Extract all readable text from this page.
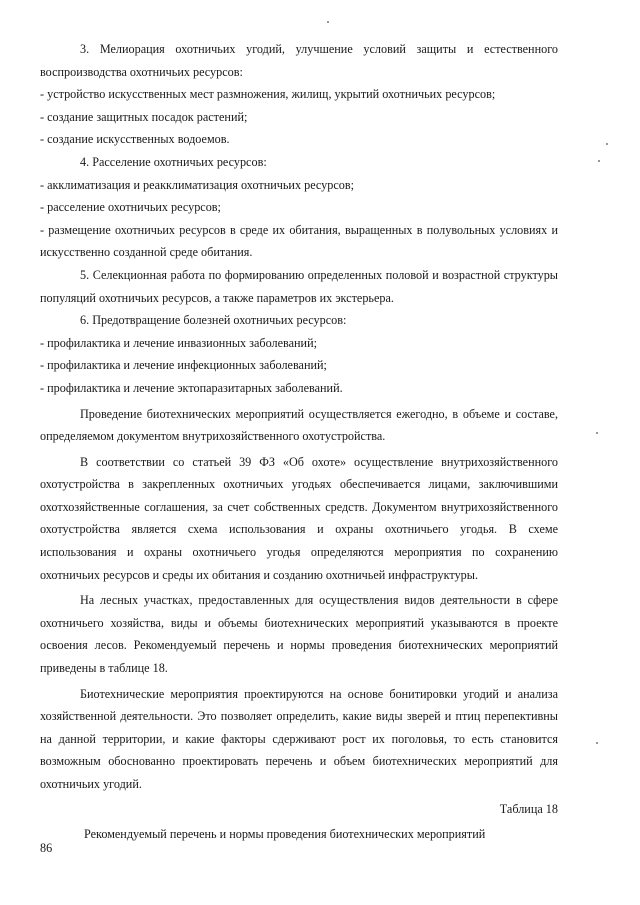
3. Мелиорация охотничьих угодий, улучшение условий защиты и естественного воспроизводства охотничьих ресурсов:

- устройство искусственных мест размножения, жилищ, укрытий охотничьих ресурсов;

- создание защитных посадок растений;

- создание искусственных водоемов.

4. Расселение охотничьих ресурсов:

- акклиматизация и реакклиматизация охотничьих ресурсов;

- расселение охотничьих ресурсов;

- размещение охотничьих ресурсов в среде их обитания, выращенных в полувольных условиях и искусственно созданной среде обитания.

5. Селекционная работа по формированию определенных половой и возрастной структуры популяций охотничьих ресурсов, а также параметров их экстерьера.

6. Предотвращение болезней охотничьих ресурсов:

- профилактика и лечение инвазионных заболеваний;

- профилактика и лечение инфекционных заболеваний;

- профилактика и лечение эктопаразитарных заболеваний.

Проведение биотехнических мероприятий осуществляется ежегодно, в объеме и составе, определяемом документом внутрихозяйственного охотустройства.

В соответствии со статьей 39 ФЗ «Об охоте» осуществление внутрихозяйственного охотустройства в закрепленных охотничьих угодьях обеспечивается лицами, заключившими охотхозяйственные соглашения, за счет собственных средств. Документом внутрихозяйственного охотустройства является схема использования и охраны охотничьего угодья. В схеме использования и охраны охотничьего угодья определяются мероприятия по сохранению охотничьих ресурсов и среды их обитания и созданию охотничьей инфраструктуры.

На лесных участках, предоставленных для осуществления видов деятельности в сфере охотничьего хозяйства, виды и объемы биотехнических мероприятий указываются в проекте освоения лесов. Рекомендуемый перечень и нормы проведения биотехнических мероприятий приведены в таблице 18.

Биотехнические мероприятия проектируются на основе бонитировки угодий и анализа хозяйственной деятельности. Это позволяет определить, какие виды зверей и птиц перепективны на данной территории, и какие факторы сдерживают рост их поголовья, то есть становится возможным обоснованно проектировать перечень и объем биотехнических мероприятий для охотничьих угодий.

Таблица 18

Рекомендуемый перечень и нормы проведения биотехнических мероприятий

86
